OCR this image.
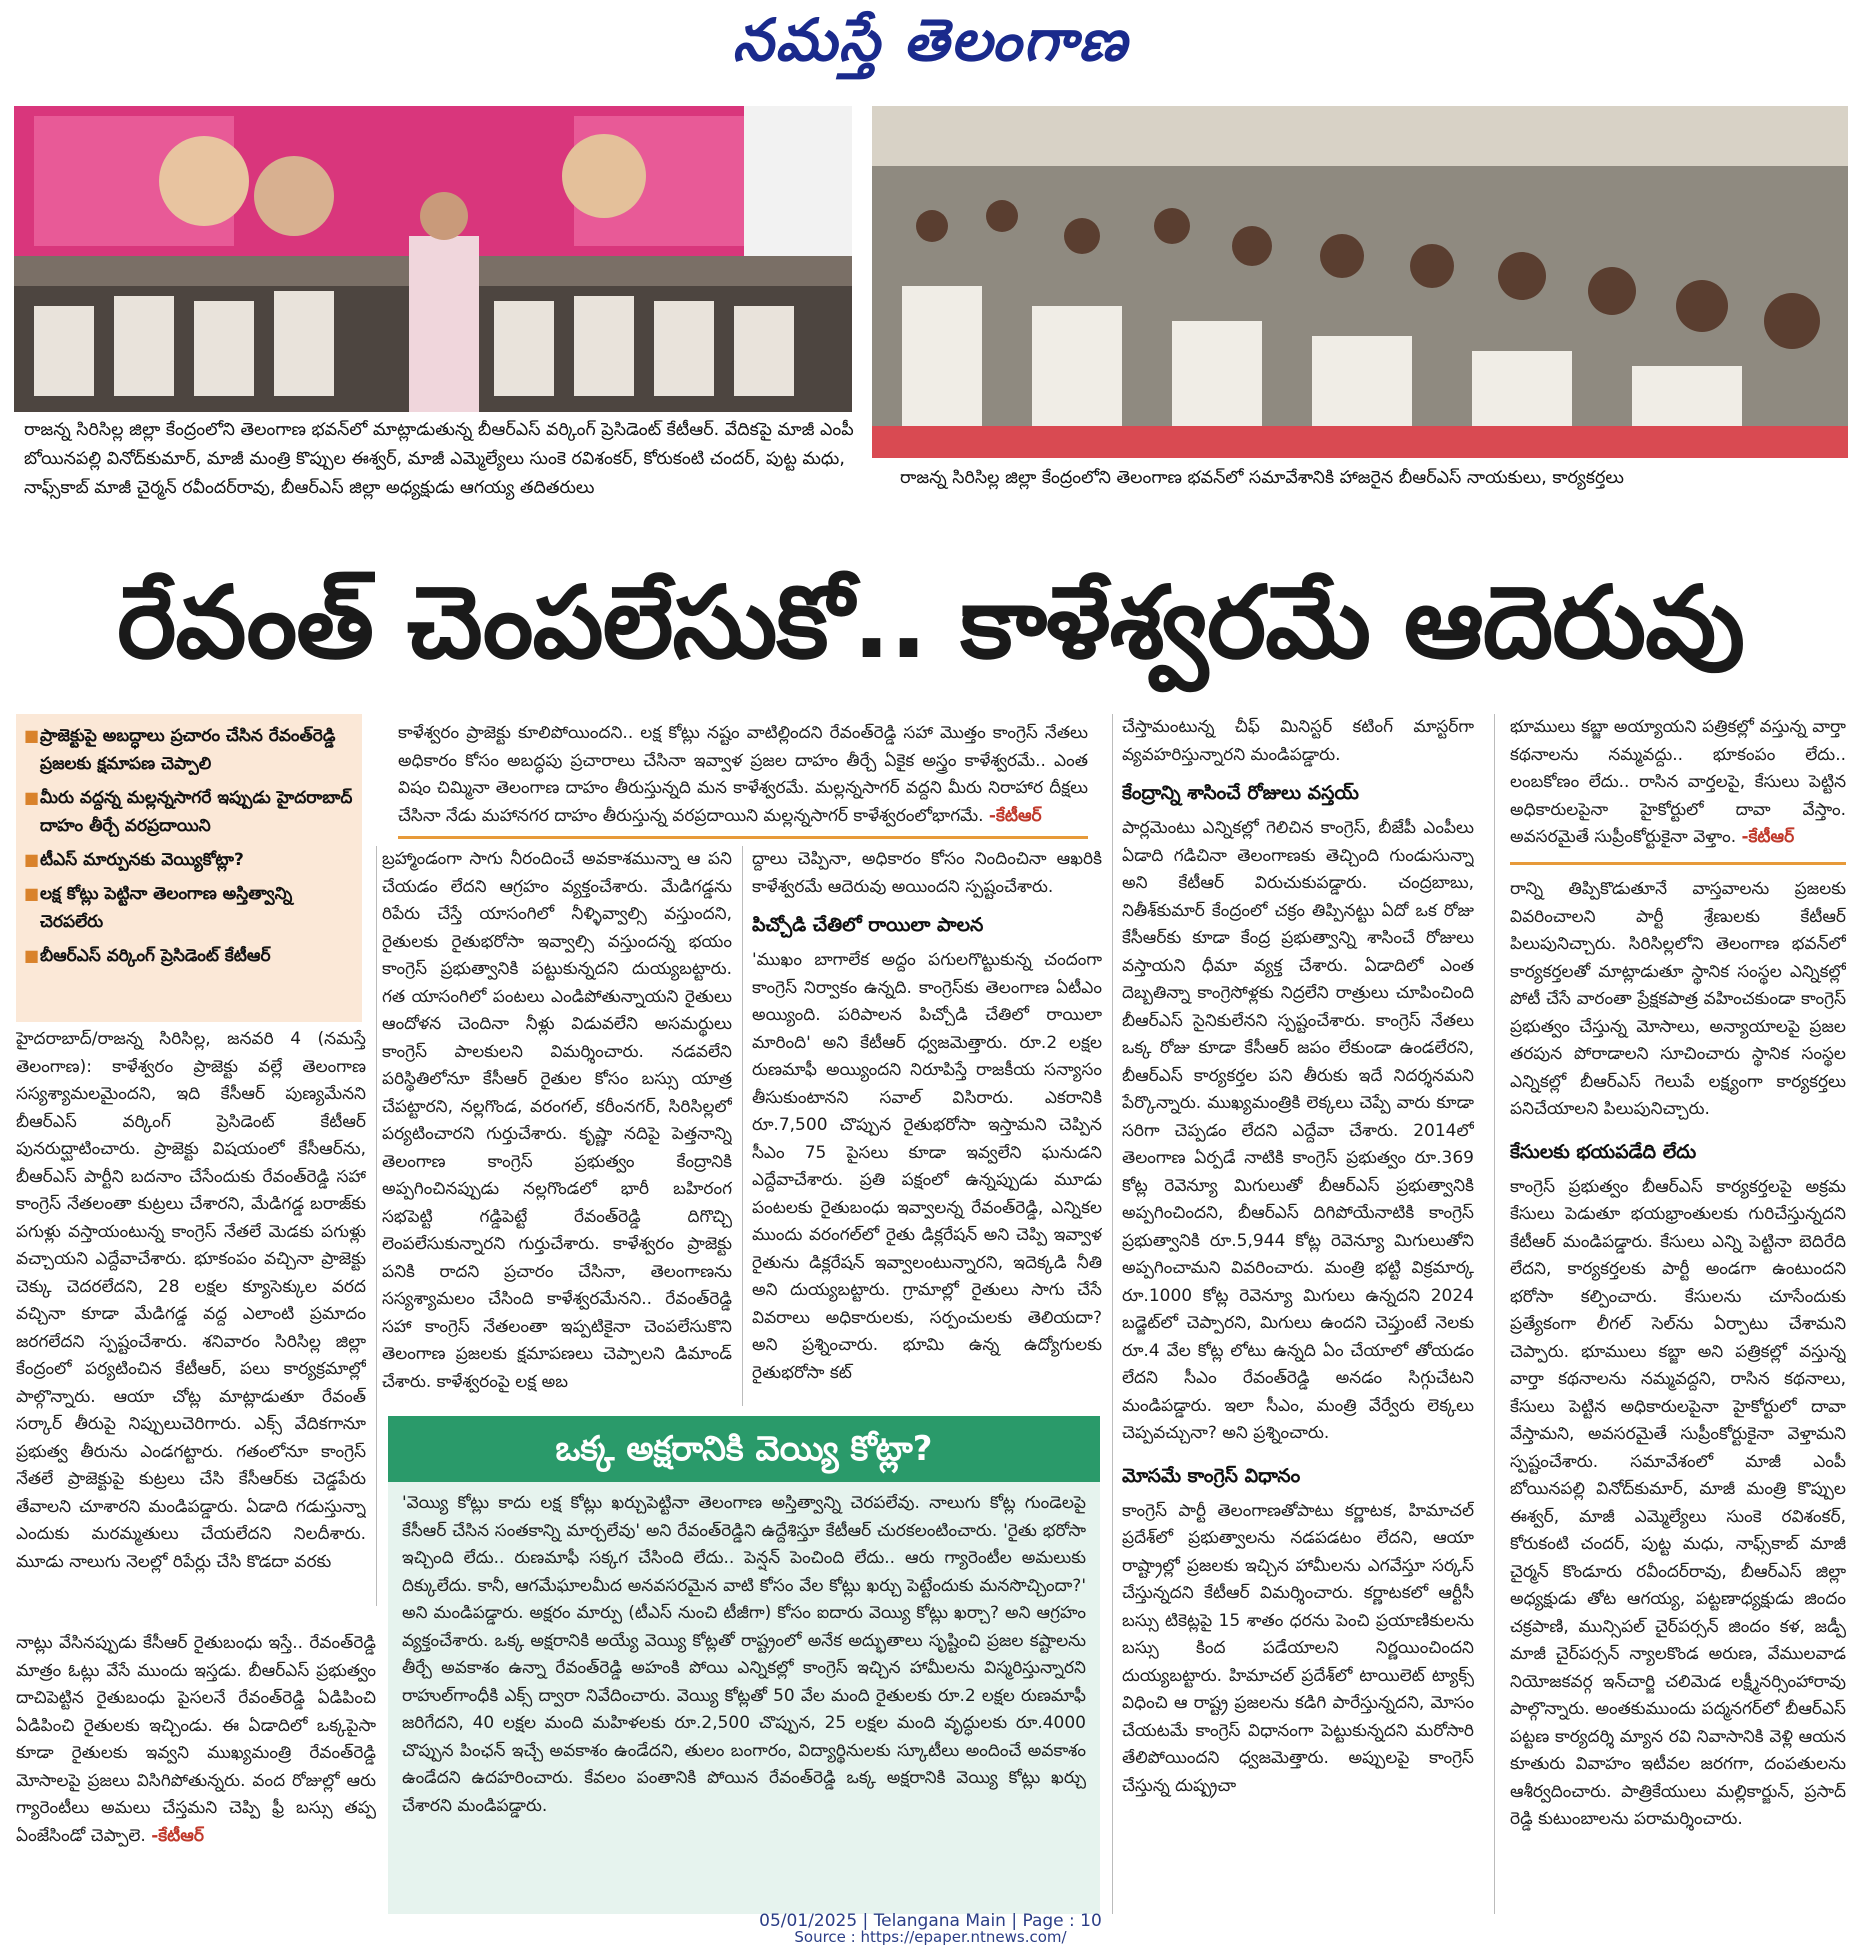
నమస్తే తెలంగాణ
రాజన్న సిరిసిల్ల జిల్లా కేంద్రంలోని తెలంగాణ భవన్‌లో మాట్లాడుతున్న బీఆర్‌ఎస్ వర్కింగ్ ప్రెసిడెంట్ కేటీఆర్. వేదికపై మాజీ ఎంపీ బోయినపల్లి వినోద్‌కుమార్, మాజీ మంత్రి కొప్పుల ఈశ్వర్, మాజీ ఎమ్మెల్యేలు సుంకె రవిశంకర్, కోరుకంటి చందర్, పుట్ట మధు, నాఫ్స్‌కాబ్ మాజీ చైర్మన్ రవీందర్‌రావు, బీఆర్‌ఎస్ జిల్లా అధ్యక్షుడు ఆగయ్య తదితరులు	రాజన్న సిరిసిల్ల జిల్లా కేంద్రంలోని తెలంగాణ భవన్‌లో సమావేశానికి హాజరైన బీఆర్‌ఎస్ నాయకులు, కార్యకర్తలు
రేవంత్ చెంపలేసుకో.. కాళేశ్వరమే ఆదెరువు
■ ప్రాజెక్టుపై అబద్ధాలు ప్రచారం చేసిన రేవంత్‌రెడ్డి ప్రజలకు క్షమాపణ చెప్పాలి
■ మీరు వద్దన్న మల్లన్నసాగరే ఇప్పుడు హైదరాబాద్ దాహం తీర్చే వరప్రదాయిని
■ టీఎస్ మార్పునకు వెయ్యికోట్లా?
■ లక్ష కోట్లు పెట్టినా తెలంగాణ అస్తిత్వాన్ని చెరపలేరు
■ బీఆర్‌ఎస్ వర్కింగ్ ప్రెసిడెంట్ కేటీఆర్
కాళేశ్వరం ప్రాజెక్టు కూలిపోయిందని.. లక్ష కోట్లు నష్టం వాటిల్లిందని రేవంత్‌రెడ్డి సహా మొత్తం కాంగ్రెస్ నేతలు అధికారం కోసం అబద్ధపు ప్రచారాలు చేసినా ఇవ్వాళ ప్రజల దాహం తీర్చే ఏకైక అస్త్రం కాళేశ్వరమే.. ఎంత విషం చిమ్మినా తెలంగాణ దాహం తీరుస్తున్నది మన కాళేశ్వరమే. మల్లన్నసాగర్ వద్దని మీరు నిరాహార దీక్షలు చేసినా నేడు మహానగర దాహం తీరుస్తున్న వరప్రదాయిని మల్లన్నసాగర్ కాళేశ్వరంలోభాగమే. -కేటీఆర్

హైదరాబాద్/రాజన్న సిరిసిల్ల, జనవరి 4 (నమస్తే తెలంగాణ): కాళేశ్వరం ప్రాజెక్టు వల్లే తెలంగాణ సస్యశ్యామలమైందని, ఇది కేసీఆర్ పుణ్యమేనని బీఆర్‌ఎస్ వర్కింగ్ ప్రెసిడెంట్ కేటీఆర్ పునరుద్ఘాటించారు. ప్రాజెక్టు విషయంలో కేసీఆర్‌ను, బీఆర్‌ఎస్ పార్టీని బదనాం చేసేందుకు రేవంత్‌రెడ్డి సహా కాంగ్రెస్ నేతలంతా కుట్రలు చేశారని, మేడిగడ్డ బరాజ్‌కు పగుళ్లు వస్తాయంటున్న కాంగ్రెస్ నేతలే మెడకు పగుళ్లు వచ్చాయని ఎద్దేవాచేశారు. భూకంపం వచ్చినా ప్రాజెక్టు చెక్కు చెదరలేదని, 28 లక్షల క్యూసెక్కుల వరద వచ్చినా కూడా మేడిగడ్డ వద్ద ఎలాంటి ప్రమాదం జరగలేదని స్పష్టంచేశారు. శనివారం సిరిసిల్ల జిల్లా కేంద్రంలో పర్యటించిన కేటీఆర్, పలు కార్యక్రమాల్లో పాల్గొన్నారు. ఆయా చోట్ల మాట్లాడుతూ రేవంత్ సర్కార్ తీరుపై నిప్పులుచెరిగారు. ఎక్స్ వేదికగానూ ప్రభుత్వ తీరును ఎండగట్టారు. గతంలోనూ కాంగ్రెస్ నేతలే ప్రాజెక్టుపై కుట్రలు చేసి కేసీఆర్‌కు చెడ్డపేరు తేవాలని చూశారని మండిపడ్డారు. ఏడాది గడుస్తున్నా ఎందుకు మరమ్మతులు చేయలేదని నిలదీశారు. మూడు నాలుగు నెలల్లో రిపేర్లు చేసి కొడదా వరకు

బ్రహ్మాండంగా సాగు నీరందించే అవకాశమున్నా ఆ పని చేయడం లేదని ఆగ్రహం వ్యక్తంచేశారు. మేడిగడ్డను రిపేరు చేస్తే యాసంగిలో నీళ్ళివ్వాల్సి వస్తుందని, రైతులకు రైతుభరోసా ఇవ్వాల్సి వస్తుందన్న భయం కాంగ్రెస్ ప్రభుత్వానికి పట్టుకున్నదని దుయ్యబట్టారు. గత యాసంగిలో పంటలు ఎండిపోతున్నాయని రైతులు ఆందోళన చెందినా నీళ్లు విడువలేని అసమర్థులు కాంగ్రెస్ పాలకులని విమర్శించారు. నడవలేని పరిస్థితిలోనూ కేసీఆర్ రైతుల కోసం బస్సు యాత్ర చేపట్టారని, నల్లగొండ, వరంగల్, కరీంనగర్, సిరిసిల్లలో పర్యటించారని గుర్తుచేశారు. కృష్ణా నదిపై పెత్తనాన్ని తెలంగాణ కాంగ్రెస్ ప్రభుత్వం కేంద్రానికి అప్పగించినప్పుడు నల్లగొండలో భారీ బహిరంగ సభపెట్టి గడ్డిపెట్టే రేవంత్‌రెడ్డి దిగొచ్చి లెంపలేసుకున్నారని గుర్తుచేశారు. కాళేశ్వరం ప్రాజెక్టు పనికి రాదని ప్రచారం చేసినా, తెలంగాణను సస్యశ్యామలం చేసింది కాళేశ్వరమేనని.. రేవంత్‌రెడ్డి సహా కాంగ్రెస్ నేతలంతా ఇప్పటికైనా చెంపలేసుకొని తెలంగాణ ప్రజలకు క్షమాపణలు చెప్పాలని డిమాండ్ చేశారు. కాళేశ్వరంపై లక్ష అబ

ద్దాలు చెప్పినా, అధికారం కోసం నిందించినా ఆఖరికి కాళేశ్వరమే ఆదెరువు అయిందని స్పష్టంచేశారు.

పిచ్చోడి చేతిలో రాయిలా పాలన

'ముఖం బాగాలేక అద్దం పగులగొట్టుకున్న చందంగా కాంగ్రెస్ నిర్వాకం ఉన్నది. కాంగ్రెస్‌కు తెలంగాణ ఏటీఎం అయ్యింది. పరిపాలన పిచ్చోడి చేతిలో రాయిలా మారింది' అని కేటీఆర్ ధ్వజమెత్తారు. రూ.2 లక్షల రుణమాఫీ అయ్యిందని నిరూపిస్తే రాజకీయ సన్యాసం తీసుకుంటానని సవాల్ విసిరారు. ఎకరానికి రూ.7,500 చొప్పున రైతుభరోసా ఇస్తామని చెప్పిన సీఎం 75 పైసలు కూడా ఇవ్వలేని ఘనుడని ఎద్దేవాచేశారు. ప్రతి పక్షంలో ఉన్నప్పుడు మూడు పంటలకు రైతుబంధు ఇవ్వాలన్న రేవంత్‌రెడ్డి, ఎన్నికల ముందు వరంగల్‌లో రైతు డిక్లరేషన్ అని చెప్పి ఇవ్వాళ రైతును డిక్లరేషన్ ఇవ్వాలంటున్నారని, ఇదెక్కడి నీతి అని దుయ్యబట్టారు. గ్రామాల్లో రైతులు సాగు చేసే వివరాలు అధికారులకు, సర్పంచులకు తెలియదా? అని ప్రశ్నించారు. భూమి ఉన్న ఉద్యోగులకు రైతుభరోసా కట్

చేస్తామంటున్న చీఫ్ మినిస్టర్ కటింగ్ మాస్టర్‌గా వ్యవహరిస్తున్నారని మండిపడ్డారు.

కేంద్రాన్ని శాసించే రోజులు వస్తయ్

పార్లమెంటు ఎన్నికల్లో గెలిచిన కాంగ్రెస్, బీజేపీ ఎంపీలు ఏడాది గడిచినా తెలంగాణకు తెచ్చింది గుండుసున్నా అని కేటీఆర్ విరుచుకుపడ్డారు. చంద్రబాబు, నితీశ్‌కుమార్ కేంద్రంలో చక్రం తిప్పినట్టు ఏదో ఒక రోజు కేసీఆర్‌కు కూడా కేంద్ర ప్రభుత్వాన్ని శాసించే రోజులు వస్తాయని ధీమా వ్యక్త చేశారు. ఏడాదిలో ఎంత దెబ్బతిన్నా కాంగ్రెసోళ్లకు నిద్రలేని రాత్రులు చూపించింది బీఆర్‌ఎస్ సైనికులేనని స్పష్టంచేశారు. కాంగ్రెస్ నేతలు ఒక్క రోజు కూడా కేసీఆర్ జపం లేకుండా ఉండలేరని, బీఆర్‌ఎస్ కార్యకర్తల పని తీరుకు ఇదే నిదర్శనమని పేర్కొన్నారు. ముఖ్యమంత్రికి లెక్కలు చెప్పే వారు కూడా సరిగా చెప్పడం లేదని ఎద్దేవా చేశారు. 2014లో తెలంగాణ ఏర్పడే నాటికి కాంగ్రెస్ ప్రభుత్వం రూ.369 కోట్ల రెవెన్యూ మిగులుతో బీఆర్‌ఎస్ ప్రభుత్వానికి అప్పగించిందని, బీఆర్‌ఎస్ దిగిపోయేనాటికి కాంగ్రెస్ ప్రభుత్వానికి రూ.5,944 కోట్ల రెవెన్యూ మిగులుతోని అప్పగించామని వివరించారు. మంత్రి భట్టి విక్రమార్క రూ.1000 కోట్ల రెవెన్యూ మిగులు ఉన్నదని 2024 బడ్జెట్‌లో చెప్పారని, మిగులు ఉందని చెప్తుంటే నెలకు రూ.4 వేల కోట్ల లోటు ఉన్నది ఏం చేయాలో తోయడం లేదని సీఎం రేవంత్‌రెడ్డి అనడం సిగ్గుచేటని మండిపడ్డారు. ఇలా సీఎం, మంత్రి వేర్వేరు లెక్కలు చెప్పవచ్చునా? అని ప్రశ్నించారు.

మోసమే కాంగ్రెస్ విధానం

కాంగ్రెస్ పార్టీ తెలంగాణతోపాటు కర్ణాటక, హిమాచల్ ప్రదేశ్‌లో ప్రభుత్వాలను నడపడటం లేదని, ఆయా రాష్ట్రాల్లో ప్రజలకు ఇచ్చిన హామీలను ఎగవేస్తూ సర్కస్ చేస్తున్నదని కేటీఆర్ విమర్శించారు. కర్ణాటకలో ఆర్టీసీ బస్సు టికెట్లపై 15 శాతం ధరను పెంచి ప్రయాణికులను బస్సు కింద పడేయాలని నిర్ణయించిందని దుయ్యబట్టారు. హిమాచల్ ప్రదేశ్‌లో టాయిలెట్ ట్యాక్స్ విధించి ఆ రాష్ట్ర ప్రజలను కడిగి పారేస్తున్నదని, మోసం చేయటమే కాంగ్రెస్ విధానంగా పెట్టుకున్నదని మరోసారి తేలిపోయిందని ధ్వజమెత్తారు. అప్పులపై కాంగ్రెస్ చేస్తున్న దుష్ప్రచా

భూములు కబ్జా అయ్యాయని పత్రికల్లో వస్తున్న వార్తా కథనాలను నమ్మవద్దు.. భూకంపం లేదు.. లంబకోణం లేదు.. రాసిన వార్తలపై, కేసులు పెట్టిన అధికారులపైనా హైకోర్టులో దావా వేస్తాం. అవసరమైతే సుప్రీంకోర్టుకైనా వెళ్తాం. -కేటీఆర్

రాన్ని తిప్పికొడుతూనే వాస్తవాలను ప్రజలకు వివరించాలని పార్టీ శ్రేణులకు కేటీఆర్ పిలుపునిచ్చారు. సిరిసిల్లలోని తెలంగాణ భవన్‌లో కార్యకర్తలతో మాట్లాడుతూ స్థానిక సంస్థల ఎన్నికల్లో పోటీ చేసే వారంతా ప్రేక్షకపాత్ర వహించకుండా కాంగ్రెస్ ప్రభుత్వం చేస్తున్న మోసాలు, అన్యాయాలపై ప్రజల తరపున పోరాడాలని సూచించారు స్థానిక సంస్థల ఎన్నికల్లో బీఆర్‌ఎస్ గెలుపే లక్ష్యంగా కార్యకర్తలు పనిచేయాలని పిలుపునిచ్చారు.

కేసులకు భయపడేది లేదు

కాంగ్రెస్ ప్రభుత్వం బీఆర్‌ఎస్ కార్యకర్తలపై అక్రమ కేసులు పెడుతూ భయభ్రాంతులకు గురిచేస్తున్నదని కేటీఆర్ మండిపడ్డారు. కేసులు ఎన్ని పెట్టినా బెదిరేది లేదని, కార్యకర్తలకు పార్టీ అండగా ఉంటుందని భరోసా కల్పించారు. కేసులను చూసేందుకు ప్రత్యేకంగా లీగల్ సెల్‌ను ఏర్పాటు చేశామని చెప్పారు. భూములు కబ్జా అని పత్రికల్లో వస్తున్న వార్తా కథనాలను నమ్మవద్దని, రాసిన కథనాలు, కేసులు పెట్టిన అధికారులపైనా హైకోర్టులో దావా వేస్తామని, అవసరమైతే సుప్రీంకోర్టుకైనా వెళ్తామని స్పష్టంచేశారు. సమావేశంలో మాజీ ఎంపీ బోయినపల్లి వినోద్‌కుమార్, మాజీ మంత్రి కొప్పుల ఈశ్వర్, మాజీ ఎమ్మెల్యేలు సుంకె రవిశంకర్, కోరుకంటి చందర్, పుట్ట మధు, నాఫ్స్‌కాబ్ మాజీ చైర్మన్ కొండూరు రవీందర్‌రావు, బీఆర్‌ఎస్ జిల్లా అధ్యక్షుడు తోట ఆగయ్య, పట్టణాధ్యక్షుడు జిందం చక్రపాణి, మున్సిపల్ చైర్‌పర్సన్ జిందం కళ, జడ్పీ మాజీ చైర్‌పర్సన్ న్యాలకొండ అరుణ, వేములవాడ నియోజకవర్గ ఇన్‌చార్జి చలిమెడ లక్ష్మీనర్సింహారావు పాల్గొన్నారు. అంతకుముందు పద్మనగర్‌లో బీఆర్‌ఎస్ పట్టణ కార్యదర్శి మ్యాన రవి నివాసానికి వెళ్లి ఆయన కూతురు వివాహం ఇటీవల జరగగా, దంపతులను ఆశీర్వదించారు. పాత్రికేయులు మల్లికార్జున్, ప్రసాద్ రెడ్డి కుటుంబాలను పరామర్శించారు.

నాట్లు వేసినప్పుడు కేసీఆర్ రైతుబంధు ఇస్తే.. రేవంత్‌రెడ్డి మాత్రం ఓట్లు వేసే ముందు ఇస్తడు. బీఆర్‌ఎస్ ప్రభుత్వం దాచిపెట్టిన రైతుబంధు పైసలనే రేవంత్‌రెడ్డి ఏడిపించి ఏడిపించి రైతులకు ఇచ్చిండు. ఈ ఏడాదిలో ఒక్కపైసా కూడా రైతులకు ఇవ్వని ముఖ్యమంత్రి రేవంత్‌రెడ్డి మోసాలపై ప్రజలు విసిగిపోతున్నరు. వంద రోజుల్లో ఆరు గ్యారెంటీలు అమలు చేస్తమని చెప్పి ఫ్రీ బస్సు తప్ప ఏంజేసిండో చెప్పాలె. -కేటీఆర్
ఒక్క అక్షరానికి వెయ్యి కోట్లా?
'వెయ్యి కోట్లు కాదు లక్ష కోట్లు ఖర్చుపెట్టినా తెలంగాణ అస్తిత్వాన్ని చెరపలేవు. నాలుగు కోట్ల గుండెలపై కేసీఆర్ చేసిన సంతకాన్ని మార్చలేవు' అని రేవంత్‌రెడ్డిని ఉద్దేశిస్తూ కేటీఆర్ చురకలంటించారు. 'రైతు భరోసా ఇచ్చింది లేదు.. రుణమాఫీ సక్కగ చేసింది లేదు.. పెన్షన్ పెంచింది లేదు.. ఆరు గ్యారెంటీల అమలుకు దిక్కులేదు. కానీ, ఆగమేఘాలమీద అనవసరమైన వాటి కోసం వేల కోట్లు ఖర్చు పెట్టేందుకు మనసొచ్చిందా?' అని మండిపడ్డారు. అక్షరం మార్పు (టీఎస్ నుంచి టీజీగా) కోసం ఐదారు వెయ్యి కోట్లు ఖర్చా? అని ఆగ్రహం వ్యక్తంచేశారు. ఒక్క అక్షరానికి అయ్యే వెయ్యి కోట్లతో రాష్ట్రంలో అనేక అద్భుతాలు సృష్టించి ప్రజల కష్టాలను తీర్చే అవకాశం ఉన్నా రేవంత్‌రెడ్డి అహంకి పోయి ఎన్నికల్లో కాంగ్రెస్ ఇచ్చిన హామీలను విస్మరిస్తున్నారని రాహుల్‌గాంధీకి ఎక్స్ ద్వారా నివేదించారు. వెయ్యి కోట్లతో 50 వేల మంది రైతులకు రూ.2 లక్షల రుణమాఫీ జరిగేదని, 40 లక్షల మంది మహిళలకు రూ.2,500 చొప్పున, 25 లక్షల మంది వృద్ధులకు రూ.4000 చొప్పున పింఛన్ ఇచ్చే అవకాశం ఉండేదని, తులం బంగారం, విద్యార్థినులకు స్కూటీలు అందించే అవకాశం ఉండేదని ఉదహరించారు. కేవలం పంతానికి పోయిన రేవంత్‌రెడ్డి ఒక్క అక్షరానికి వెయ్యి కోట్లు ఖర్చు చేశారని మండిపడ్డారు.
05/01/2025 | Telangana Main | Page : 10
Source : https://epaper.ntnews.com/
